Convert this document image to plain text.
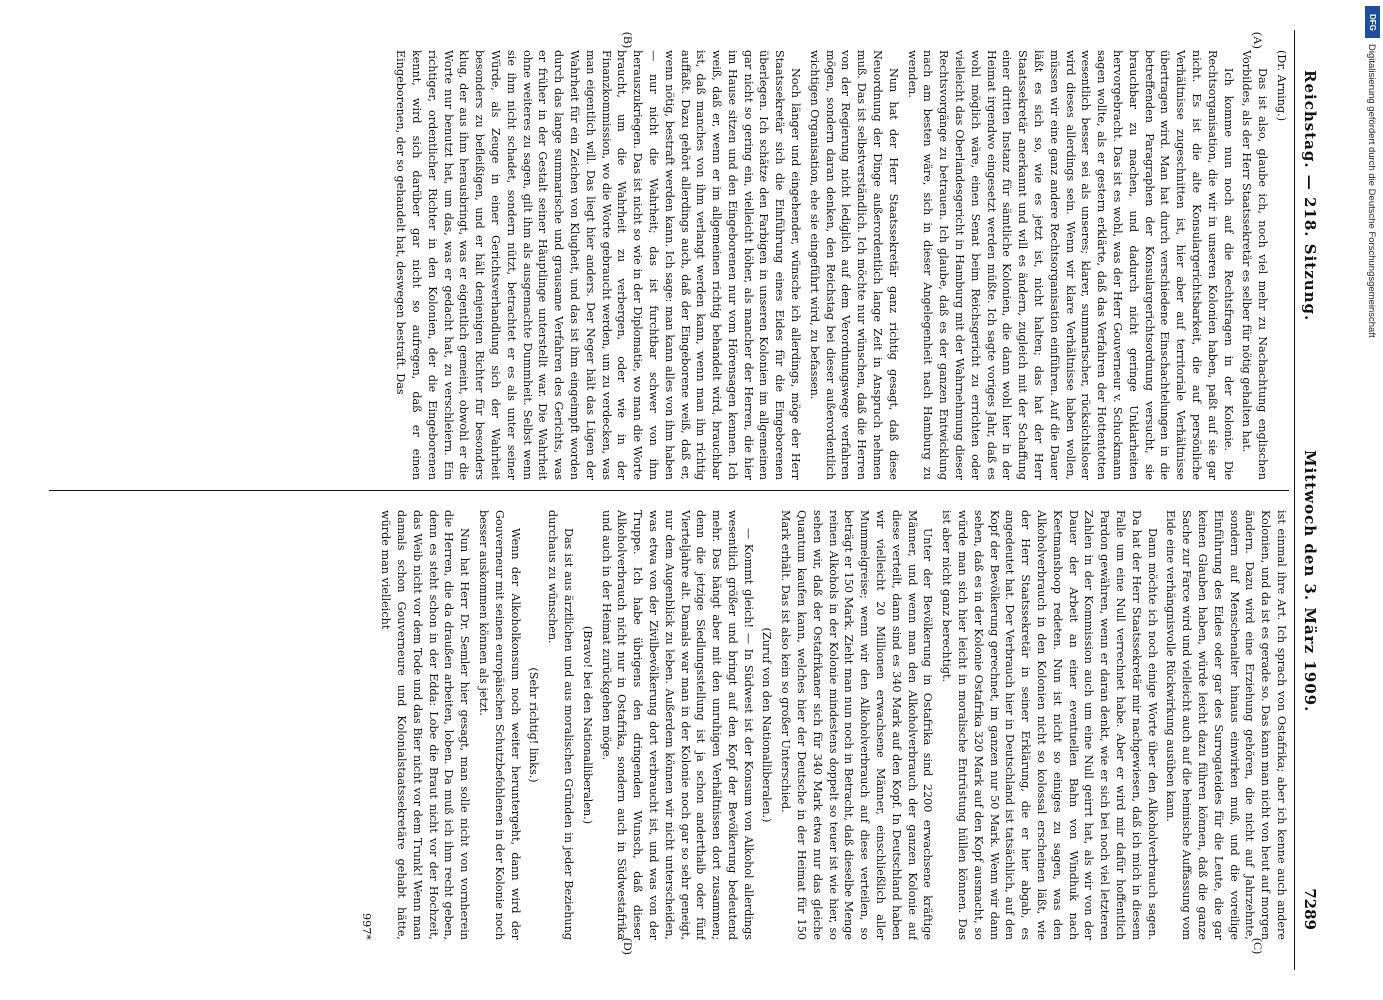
Reichstag. — 218. Sitzung.
Mittwoch den 3. März 1909.
7289
(A)
(B)
(C)
(D)

(Dr. Arning.)

Das ist also, glaube ich, noch viel mehr zu Nachachtung englischen Vorbildes, als der Herr Staatssekretär es selber für nötig gehalten hat.

Ich komme nun noch auf die Rechtsfragen in der Kolonie. Die Rechtsorganisation, die wir in unseren Kolonien haben, paßt auf sie gar nicht. Es ist die alte Konsulargerichtsbarkeit, die auf persönliche Verhältnisse zugeschnitten ist, hier aber auf territoriale Verhältnisse übertragen wird. Man hat durch verschiedene Einschachtelungen in die betreffenden Paragraphen der Konsulargerichtsordnung versucht, sie brauchbar zu machen, und dadurch nicht geringe Unklarheiten hervorgebracht. Das ist es wohl, was der Herr Gouverneur v. Schuckmann sagen wollte, als er gestern erklärte, daß das Verfahren der Hottentotten wesentlich besser sei als unseres; klarer, summarischer, rücksichtsloser wird dieses allerdings sein. Wenn wir klare Verhältnisse haben wollen, müssen wir eine ganz andere Rechtsorganisation einführen. Auf die Dauer läßt es sich so, wie es jetzt ist, nicht halten; das hat der Herr Staatssekretär anerkannt und will es ändern, zugleich mit der Schaffung einer dritten Instanz für sämtliche Kolonien, die dann wohl hier in der Heimat irgendwo eingesetzt werden müßte. Ich sagte voriges Jahr, daß es wohl möglich wäre, einen Senat beim Reichsgericht zu errichten oder vielleicht das Oberlandesgericht in Hamburg mit der Wahrnehmung dieser Rechtsvorgänge zu betrauen. Ich glaube, daß es der ganzen Entwicklung nach am besten wäre, sich in dieser Angelegenheit nach Hamburg zu wenden.

Nun hat der Herr Staatssekretär ganz richtig gesagt, daß diese Neuordnung der Dinge außerordentlich lange Zeit in Anspruch nehmen muß. Das ist selbstverständlich. Ich möchte nur wünschen, daß die Herren von der Regierung nicht lediglich auf dem Verordnungswege verfahren mögen, sondern daran denken, den Reichstag bei dieser außerordentlich wichtigen Organisation, ehe sie eingeführt wird, zu befassen.

Noch länger und eingehender, wünsche ich allerdings, möge der Herr Staatssekretär sich die Einführung eines Eides für die Eingeborenen überlegen. Ich schätze den Farbigen in unseren Kolonien im allgemeinen gar nicht so gering ein, vielleicht höher, als mancher der Herren, die hier im Hause sitzen und den Eingeborenen nur vom Hörensagen kennen. Ich weiß, daß er, wenn er im allgemeinen richtig behandelt wird, brauchbar ist, daß manches von ihm verlangt werden kann, wenn man ihn richtig auffaßt. Dazu gehört allerdings auch, daß der Eingeborene weiß, daß er, wenn nötig, bestraft werden kann. Ich sage: man kann alles von ihm haben — nur nicht die Wahrheit; das ist furchtbar schwer von ihm herauszukriegen. Das ist nicht so wie in der Diplomatie, wo man die Worte braucht, um die Wahrheit zu verbergen, oder wie in der Finanzkommission, wo die Worte gebraucht werden, um zu verdecken, was man eigentlich will. Das liegt hier anders. Der Neger hält das Lügen der Wahrheit für ein Zeichen von Klugheit, und das ist ihm eingeimpft worden durch das lange summarische und grausame Verfahren des Gerichts, was er früher in der Gestalt seiner Häuptlinge unterstellt war. Die Wahrheit ohne weiteres zu sagen, gilt ihm als ausgemachte Dummheit. Selbst wenn sie ihm nicht schadet, sondern nützt, betrachtet er es als unter seiner Würde, als Zeuge in einer Gerichtsverhandlung sich der Wahrheit besonders zu befleißigen, und er hält denjenigen Richter für besonders klug, der aus ihm herausbringt, was er eigentlich gemeint, obwohl er die Worte nur benutzt hat, um das, was er gedacht hat, zu verschleiern. Ein richtiger, ordentlicher Richter in den Kolonien, der die Eingeborenen kennt, wird sich darüber gar nicht so aufregen, daß er einen Eingeborenen, der so gehandelt hat, deswegen bestraft. Das

ist einmal ihre Art. Ich sprach von Ostafrika; aber ich kenne auch andere Kolonien, und da ist es gerade so. Das kann man nicht von heut auf morgen ändern. Dazu wird eine Erziehung gehören, die nicht auf Jahrzehnte, sondern auf Menschenalter hinaus einwirken muß, und die voreilige Einführung des Eides oder gar des Surrogateides für die Leute, die gar keinen Glauben haben, würde leicht dazu führen können, daß die ganze Sache zur Farce wird und vielleicht auch auf die heimische Auffassung vom Eide eine verhängnisvolle Rückwirkung ausüben kann.

Dann möchte ich noch einige Worte über den Alkoholverbrauch sagen. Da hat der Herr Staatssekretär mir nachgewiesen, daß ich mich in diesem Falle um eine Null verrechnet habe. Aber er wird mir dafür hoffentlich Pardon gewähren, wenn er daran denkt, wie er sich bei noch viel letzteren Zahlen in der Kommission auch um eine Null geirrt hat, als wir von der Dauer der Arbeit an einer eventuellen Bahn von Windhuk nach Keetmanshoop redeten. Nun ist nicht so einiges zu sagen, was den Alkoholverbrauch in den Kolonien nicht so kolossal erscheinen läßt, wie der Herr Staatssekretär in seiner Erklärung, die er hier abgab, es angedeutet hat. Der Verbrauch hier in Deutschland ist tatsächlich, auf den Kopf der Bevölkerung gerechnet, im ganzen nur 50 Mark. Wenn wir dann sehen, daß es in der Kolonie Ostafrika 320 Mark auf den Kopf ausmacht, so würde man sich hier leicht in moralische Entrüstung hüllen können. Das ist aber nicht ganz berechtigt.

Unter der Bevölkerung in Ostafrika sind 2200 erwachsene kräftige Männer, und wenn man den Alkoholverbrauch der ganzen Kolonie auf diese verteilt, dann sind es 340 Mark auf den Kopf. In Deutschland haben wir vielleicht 20 Millionen erwachsene Männer, einschließlich aller Mummelgreise; wenn wir den Alkoholverbrauch auf diese verteilen, so beträgt er 150 Mark. Zieht man nun noch in Betracht, daß dieselbe Menge reinen Alkohols in der Kolonie mindestens doppelt so teuer ist wie hier, so sehen wir, daß der Ostafrikaner sich für 340 Mark etwa nur das gleiche Quantum kaufen kann, welches hier der Deutsche in der Heimat für 150 Mark erhält. Das ist also kein so großer Unterschied.

(Zuruf von den Nationalliberalen.)

— Kommt gleich! — In Südwest ist der Konsum von Alkohol allerdings wesentlich größer und bringt auf den Kopf der Bevölkerung bedeutend mehr. Das hängt aber mit den unruhigen Verhältnissen dort zusammen; denn die jetzige Siedlungsstellung ist ja schon anderthalb oder fünf Vierteljahre alt. Damals war man in der Kolonie noch gar so sehr geneigt, nur dem Augenblick zu leben. Außerdem können wir nicht unterscheiden, was etwa von der Zivilbevölkerung dort verbraucht ist, und was von der Truppe. Ich habe übrigens den dringenden Wunsch, daß dieser Alkoholverbrauch nicht nur in Ostafrika, sondern auch in Südwestafrika und auch in der Heimat zurückgehen möge.

(Bravo! bei den Nationalliberalen.)

Das ist aus ärztlichen und aus moralischen Gründen in jeder Beziehung durchaus zu wünschen.

(Sehr richtig! links.)

Wenn der Alkoholkonsum noch weiter heruntergeht, dann wird der Gouverneur mit seinen europäischen Schutzbefohlenen in der Kolonie noch besser auskommen können als jetzt.

Nun hat Herr Dr. Semler hier gesagt, man solle nicht von vornherein die Herren, die da draußen arbeiten, loben. Da muß ich ihm recht geben, denn es steht schon in der Edda: Lobe die Braut nicht vor der Hochzeit, das Weib nicht vor dem Tode und das Bier nicht vor dem Trunk! Wenn man damals schon Gouverneure und Kolonialstaatssekretäre gehabt hätte, würde man vielleicht

997*

DFG
Digitalisierung gefördert durch die Deutsche Forschungsgemeinschaft
